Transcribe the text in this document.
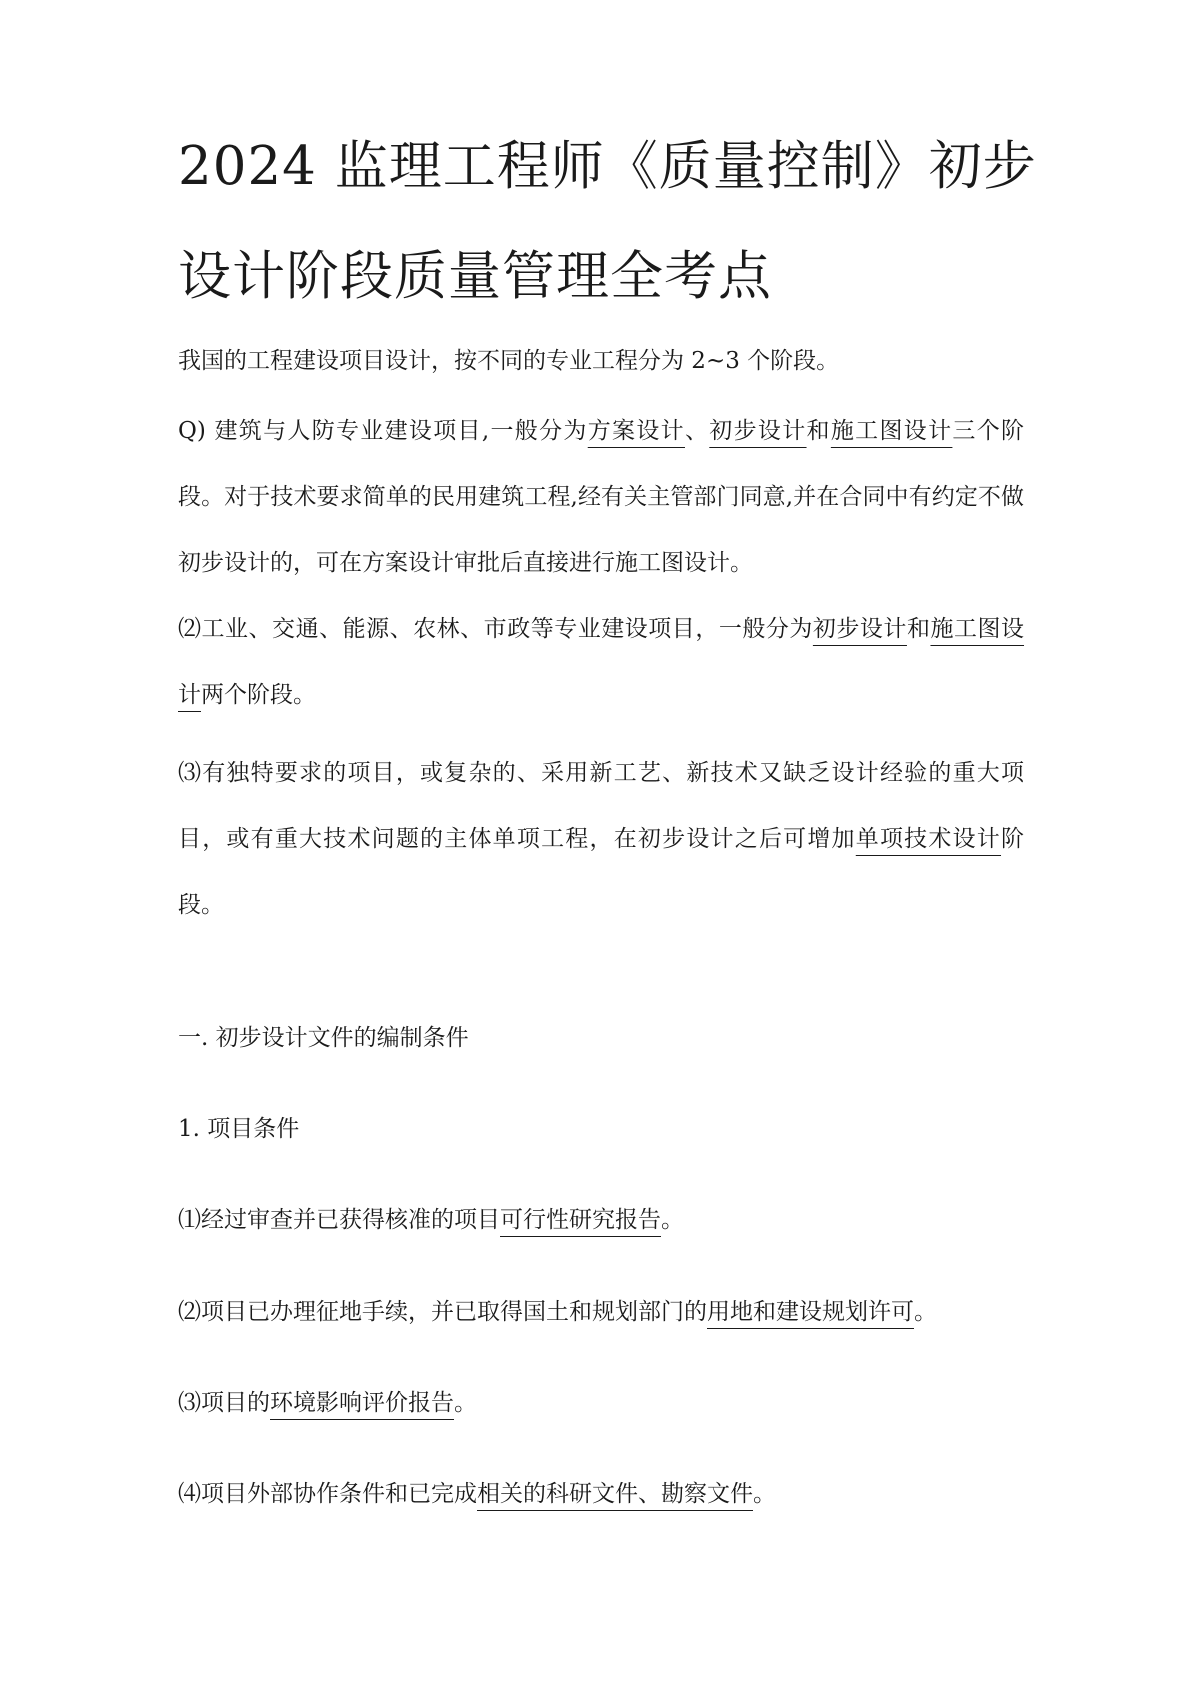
2024 监理工程师《质量控制》初步设计阶段质量管理全考点

我国的工程建设项目设计，按不同的专业工程分为 2~3 个阶段。

Q) 建筑与人防专业建设项目,一般分为方案设计、初步设计和施工图设计三个阶段。对于技术要求简单的民用建筑工程,经有关主管部门同意,并在合同中有约定不做初步设计的，可在方案设计审批后直接进行施工图设计。

⑵工业、交通、能源、农林、市政等专业建设项目，一般分为初步设计和施工图设计两个阶段。

⑶有独特要求的项目，或复杂的、采用新工艺、新技术又缺乏设计经验的重大项目，或有重大技术问题的主体单项工程，在初步设计之后可增加单项技术设计阶段。

一. 初步设计文件的编制条件

1. 项目条件

⑴经过审查并已获得核准的项目可行性研究报告。

⑵项目已办理征地手续，并已取得国土和规划部门的用地和建设规划许可。

⑶项目的环境影响评价报告。

⑷项目外部协作条件和已完成相关的科研文件、勘察文件。
